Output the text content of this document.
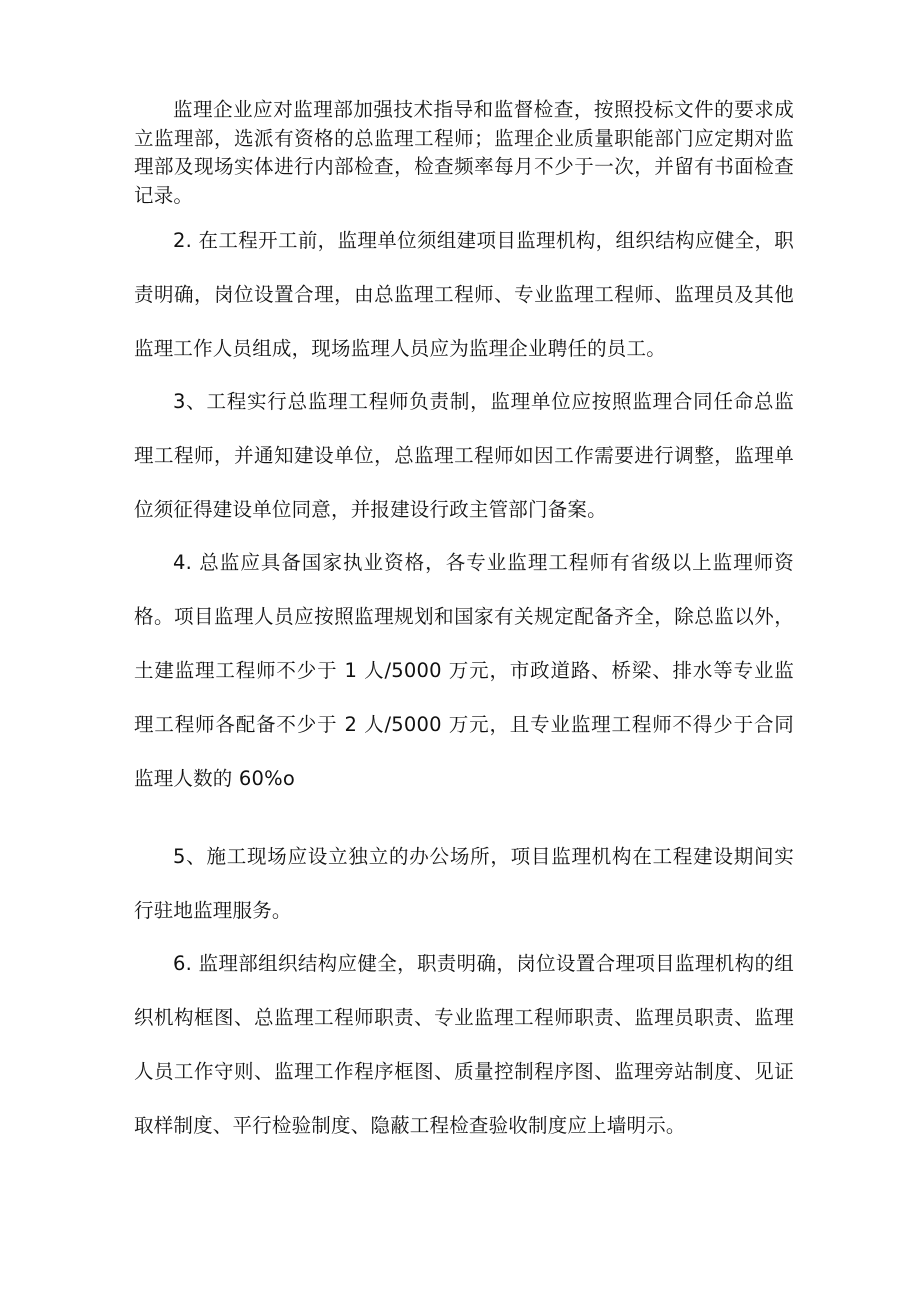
监理企业应对监理部加强技术指导和监督检查，按照投标文件的要求成立监理部，选派有资格的总监理工程师；监理企业质量职能部门应定期对监理部及现场实体进行内部检查，检查频率每月不少于一次，并留有书面检查记录。

2. 在工程开工前，监理单位须组建项目监理机构，组织结构应健全，职责明确，岗位设置合理，由总监理工程师、专业监理工程师、监理员及其他监理工作人员组成，现场监理人员应为监理企业聘任的员工。

3、工程实行总监理工程师负责制，监理单位应按照监理合同任命总监理工程师，并通知建设单位，总监理工程师如因工作需要进行调整，监理单位须征得建设单位同意，并报建设行政主管部门备案。

4. 总监应具备国家执业资格，各专业监理工程师有省级以上监理师资格。项目监理人员应按照监理规划和国家有关规定配备齐全，除总监以外，土建监理工程师不少于 1 人/5000 万元，市政道路、桥梁、排水等专业监理工程师各配备不少于 2 人/5000 万元，且专业监理工程师不得少于合同监理人数的 60%o

5、施工现场应设立独立的办公场所，项目监理机构在工程建设期间实行驻地监理服务。

6. 监理部组织结构应健全，职责明确，岗位设置合理项目监理机构的组织机构框图、总监理工程师职责、专业监理工程师职责、监理员职责、监理人员工作守则、监理工作程序框图、质量控制程序图、监理旁站制度、见证取样制度、平行检验制度、隐蔽工程检查验收制度应上墙明示。
